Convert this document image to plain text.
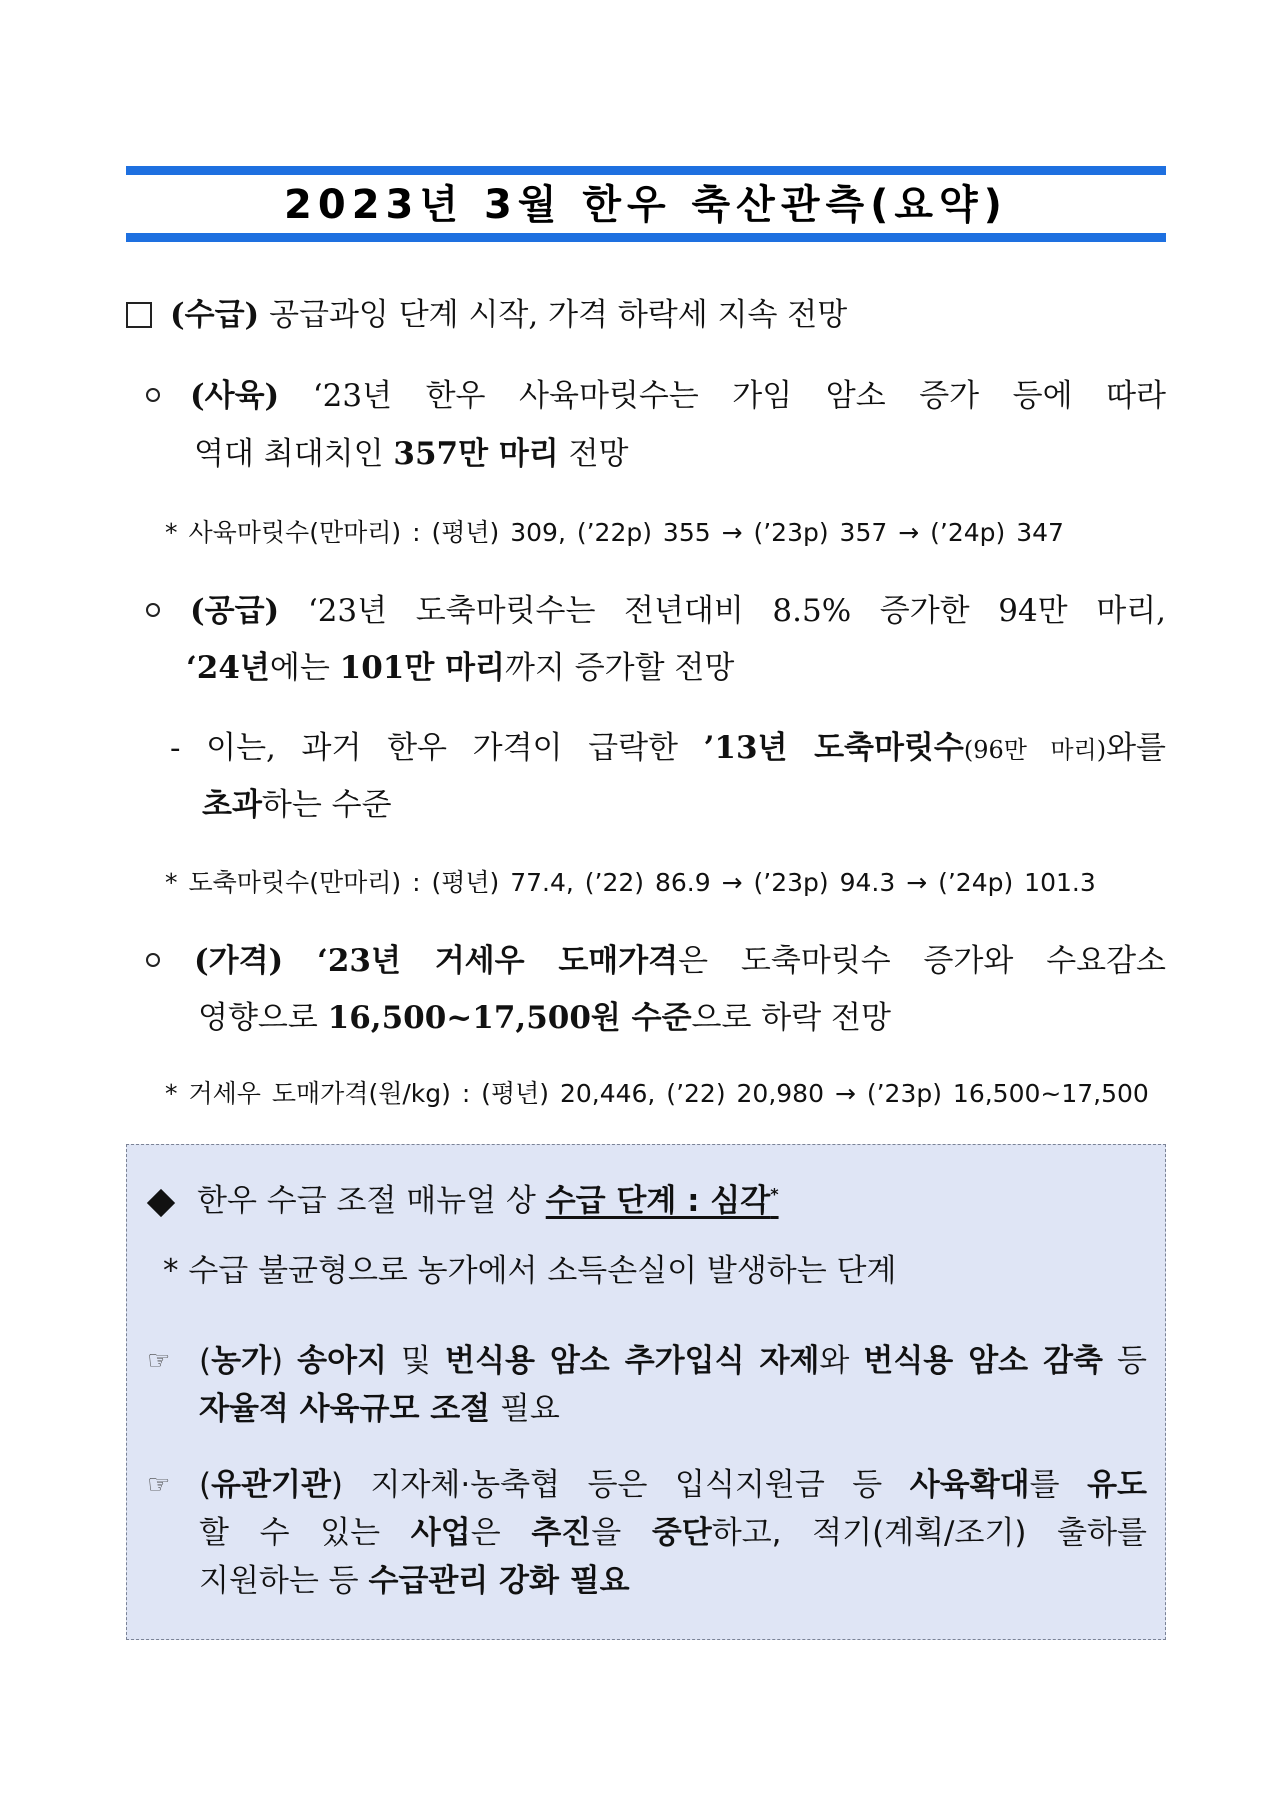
2023년 3월 한우 축산관측(요약)
(수급) 공급과잉 단계 시작, 가격 하락세 지속 전망
(사육) ‘23년 한우 사육마릿수는 가임 암소 증가 등에 따라
역대 최대치인 357만 마리 전망
* 사육마릿수(만마리) : (평년) 309, (’22p) 355 → (’23p) 357 → (’24p) 347
(공급) ‘23년 도축마릿수는 전년대비 8.5% 증가한 94만 마리,
‘24년에는 101만 마리까지 증가할 전망
- 이는, 과거 한우 가격이 급락한 ’13년 도축마릿수(96만 마리)와를
초과하는 수준
* 도축마릿수(만마리) : (평년) 77.4, (’22) 86.9 → (’23p) 94.3 → (’24p) 101.3
(가격) ‘23년 거세우 도매가격은 도축마릿수 증가와 수요감소
영향으로 16,500~17,500원 수준으로 하락 전망
* 거세우 도매가격(원/kg) : (평년) 20,446, (’22) 20,980 → (’23p) 16,500~17,500
한우 수급 조절 매뉴얼 상 수급 단계 : 심각*
* 수급 불균형으로 농가에서 소득손실이 발생하는 단계
☞ (농가) 송아지 및 번식용 암소 추가입식 자제와 번식용 암소 감축 등
자율적 사육규모 조절 필요
☞ (유관기관) 지자체·농축협 등은 입식지원금 등 사육확대를 유도
할 수 있는 사업은 추진을 중단하고, 적기(계획/조기) 출하를
지원하는 등 수급관리 강화 필요
